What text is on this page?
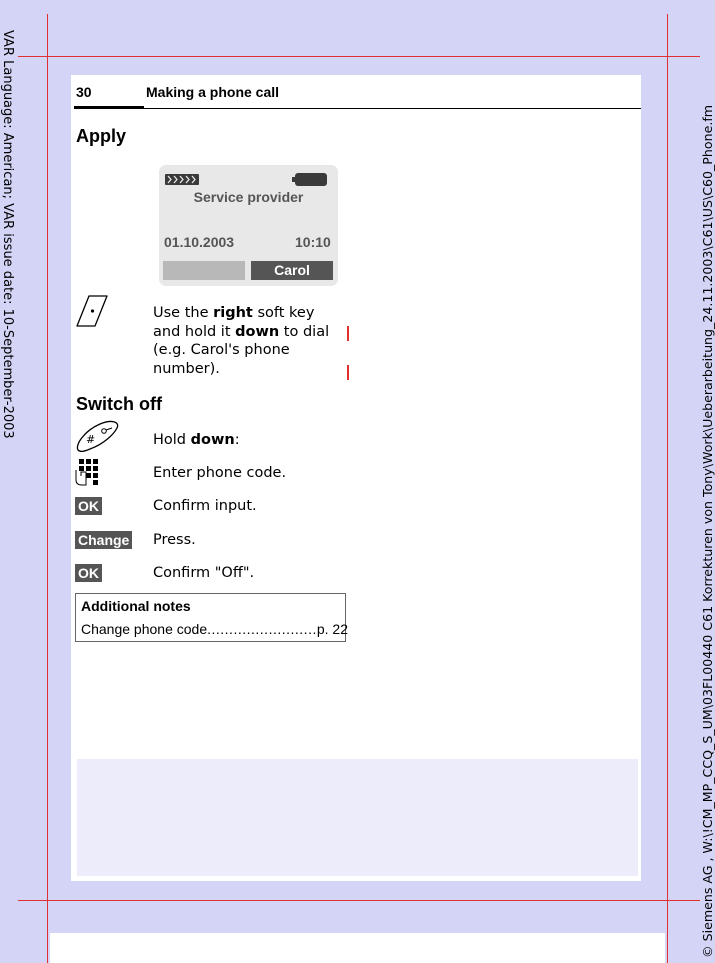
VAR Language: American; VAR issue date: 10-September-2003	© Siemens AG , W:\!CM_MP_CCQ_S_UM\03FL00440 C61 Korrekturen von Tony\Work\Ueberarbeitung_24.11.2003\C61\US\C60_Phone.fm
30	Making a phone call
Apply
Service provider
01.10.2003	10:10
Carol
Use the right soft key and hold it down to dial (e.g. Carol's phone number).
Switch off
#	Hold down:
Enter phone code.
OK	Confirm input.
Change Press.
OK	Confirm "Off".
Additional notes
Change phone code.........................p. 22
